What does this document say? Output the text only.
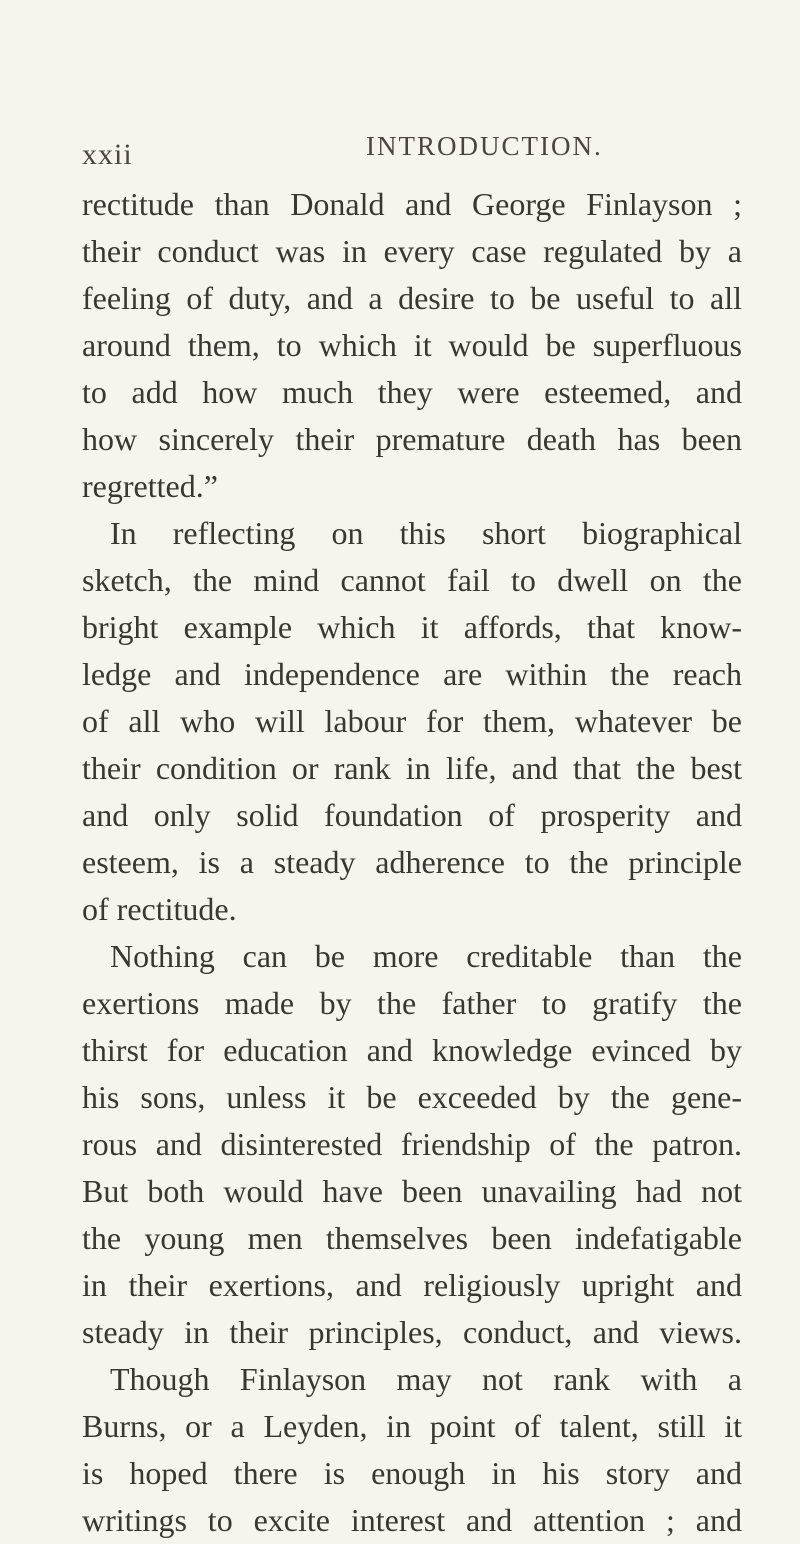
xxii	INTRODUCTION.
rectitude than Donald and George Finlayson ;
their conduct was in every case regulated by a
feeling of duty, and a desire to be useful to all
around them, to which it would be superfluous
to add how much they were esteemed, and
how sincerely their premature death has been
regretted.”
In reflecting on this short biographical
sketch, the mind cannot fail to dwell on the
bright example which it affords, that know-
ledge and independence are within the reach
of all who will labour for them, whatever be
their condition or rank in life, and that the best
and only solid foundation of prosperity and
esteem, is a steady adherence to the principle
of rectitude.
Nothing can be more creditable than the
exertions made by the father to gratify the
thirst for education and knowledge evinced by
his sons, unless it be exceeded by the gene-
rous and disinterested friendship of the patron.
But both would have been unavailing had not
the young men themselves been indefatigable
in their exertions, and religiously upright and
steady in their principles, conduct, and views.
Though Finlayson may not rank with a
Burns, or a Leyden, in point of talent, still it
is hoped there is enough in his story and
writings to excite interest and attention ; and
